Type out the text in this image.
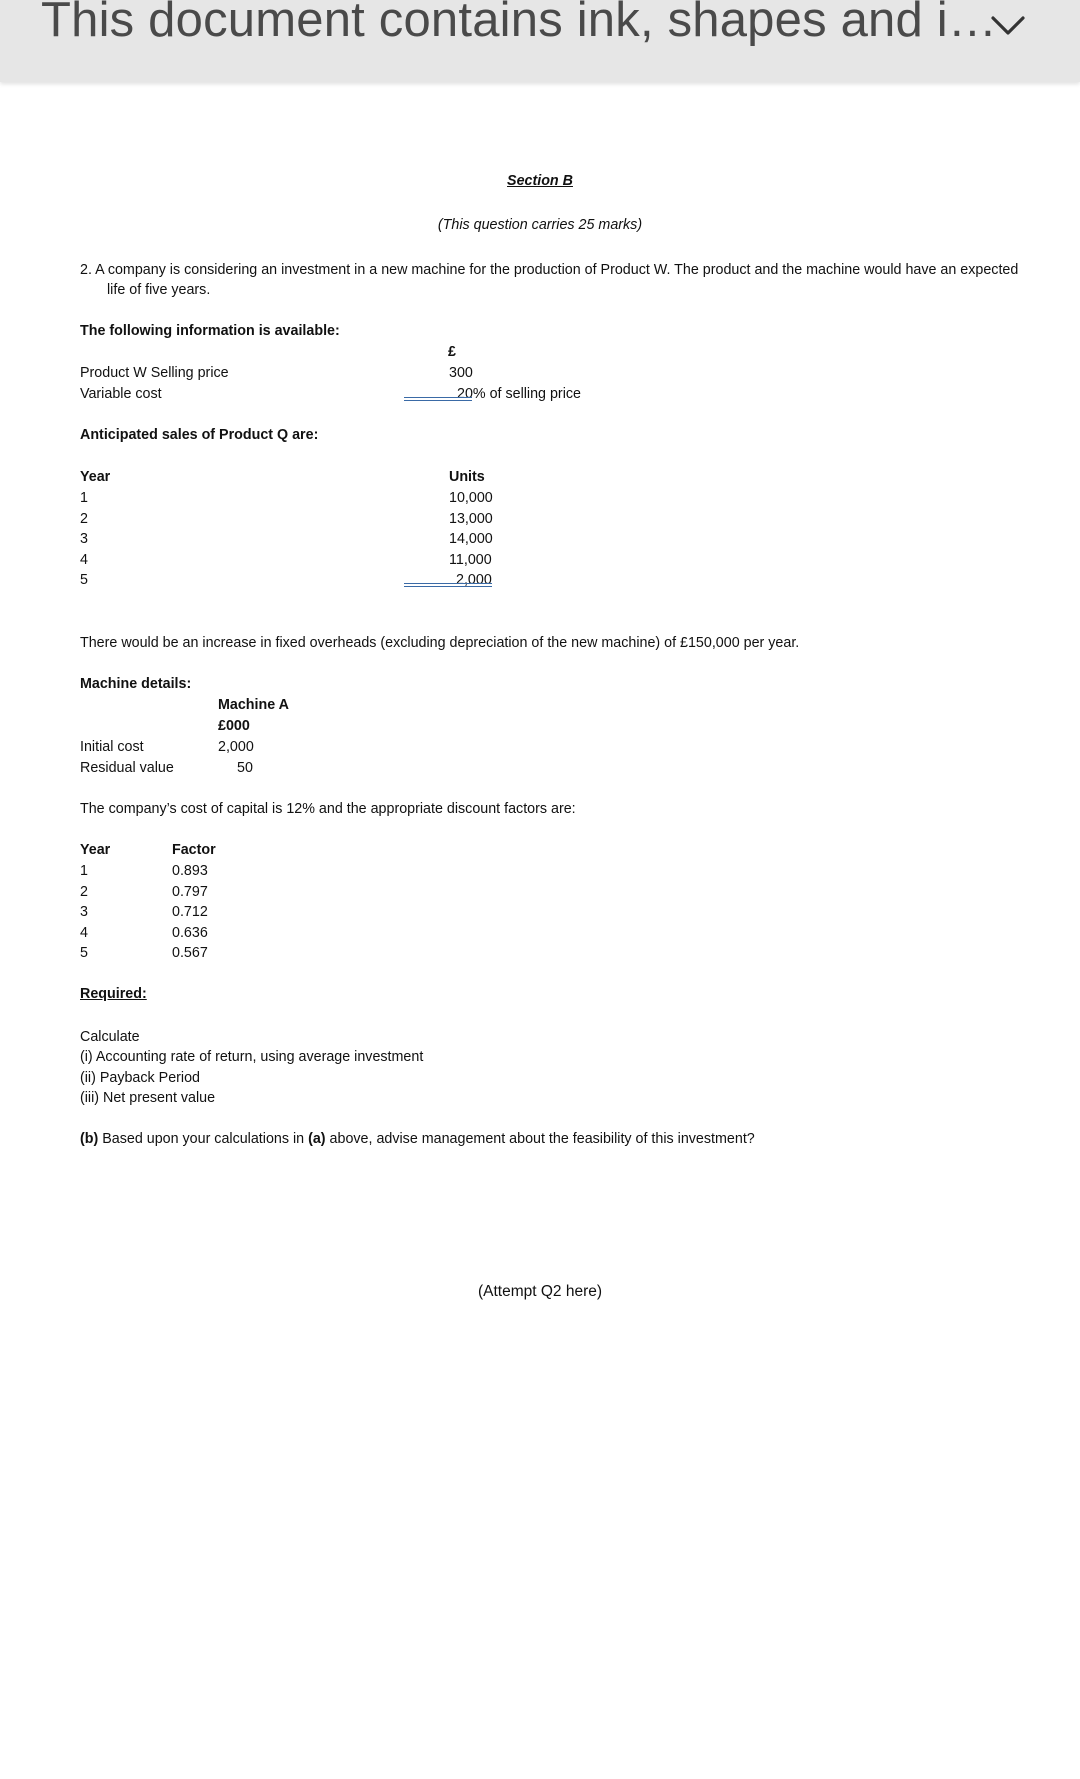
This document contains ink, shapes and i…
Section B
(This question carries 25 marks)
2. A company is considering an investment in a new machine for the production of Product W. The product and the machine would have an expected
life of five years.
The following information is available:
£
Product W Selling price	300
Variable cost	20% of selling price
Anticipated sales of Product Q are:
Year	Units
1	10,000
2	13,000
3	14,000
4	11,000
5	2,000
There would be an increase in fixed overheads (excluding depreciation of the new machine) of £150,000 per year.
Machine details:
Machine A
£000
Initial cost	2,000
Residual value	50
The company’s cost of capital is 12% and the appropriate discount factors are:
Year	Factor
1	0.893
2	0.797
3	0.712
4	0.636
5	0.567
Required:
Calculate
(i) Accounting rate of return, using average investment
(ii) Payback Period
(iii) Net present value
(b) Based upon your calculations in (a) above, advise management about the feasibility of this investment?
(Attempt Q2 here)
